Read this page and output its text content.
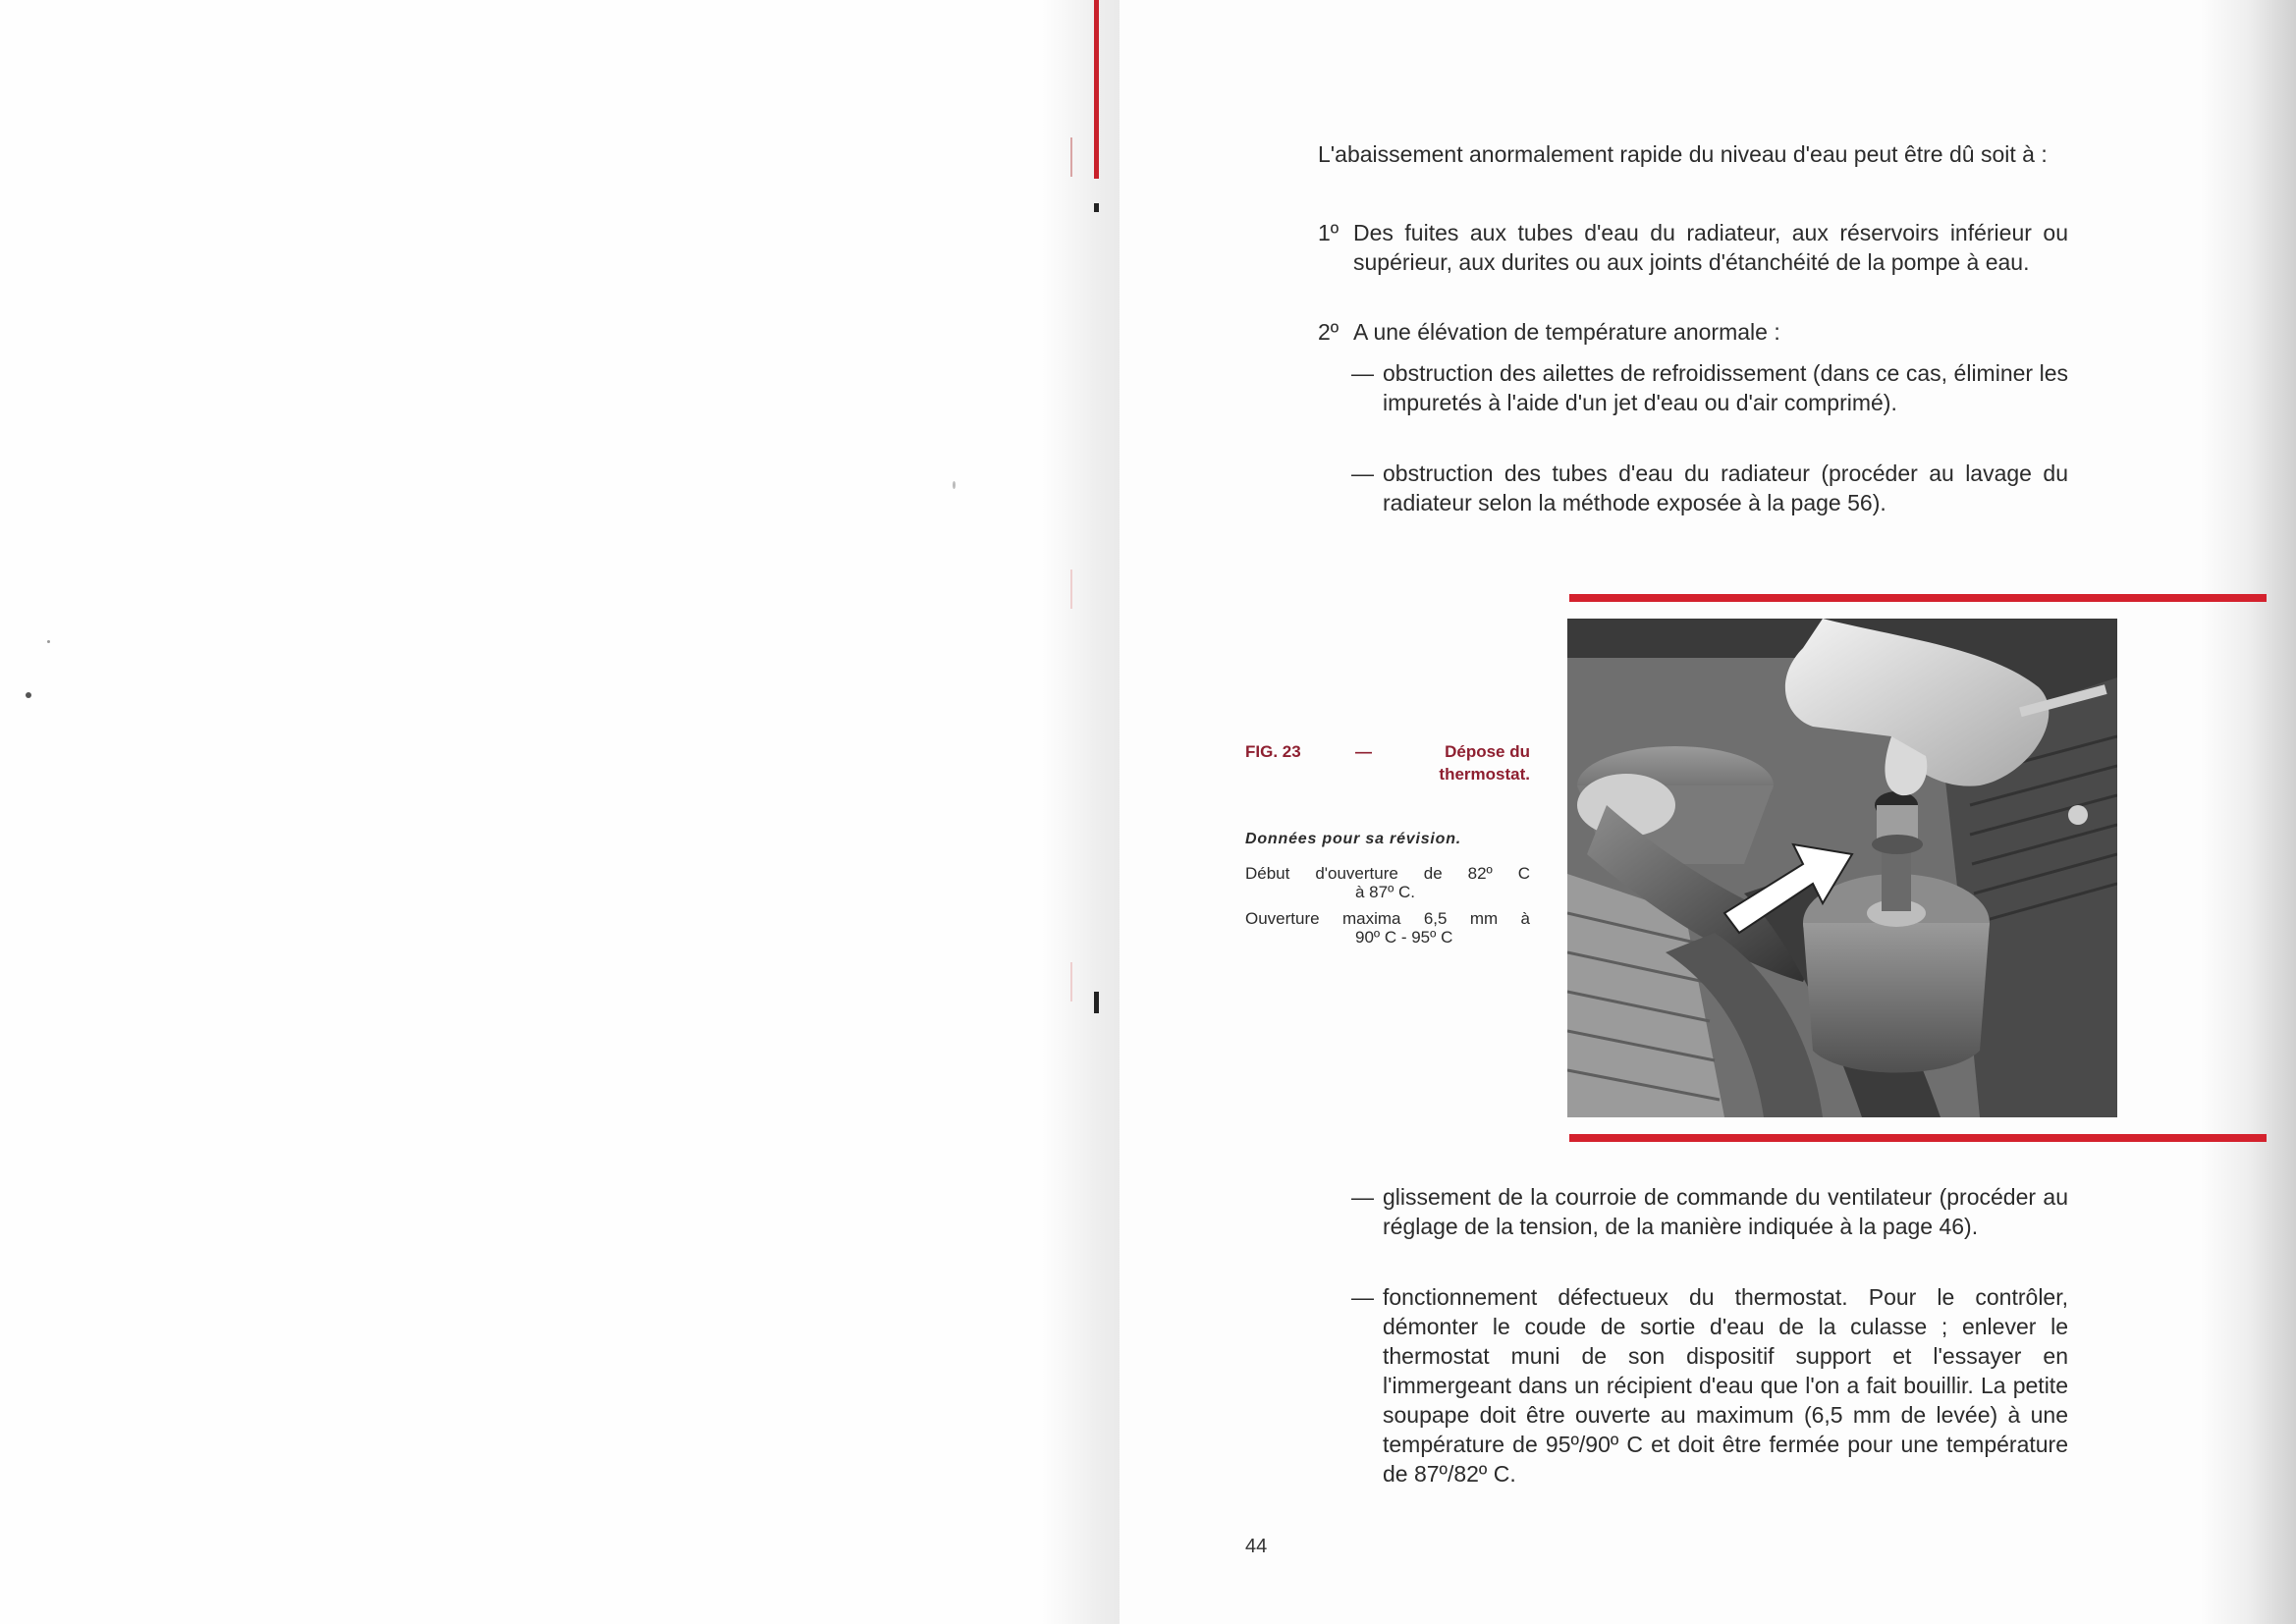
L'abaissement anormalement rapide du niveau d'eau peut être dû soit à :
1º Des fuites aux tubes d'eau du radiateur, aux réservoirs inférieur ou supérieur, aux durites ou aux joints d'étanchéité de la pompe à eau.
2º A une élévation de température anormale :
— obstruction des ailettes de refroidissement (dans ce cas, éliminer les impuretés à l'aide d'un jet d'eau ou d'air comprimé).
— obstruction des tubes d'eau du radiateur (procéder au lavage du radiateur selon la méthode exposée à la page 56).
FIG. 23	—	Dépose du thermostat.
Données pour sa révision.
Début d'ouverture de 82º C
à 87º C.
Ouverture maxima 6,5 mm à
90º C - 95º C
— glissement de la courroie de commande du ventilateur (procéder au réglage de la tension, de la manière indiquée à la page 46).
— fonctionnement défectueux du thermostat. Pour le contrôler, démonter le coude de sortie d'eau de la culasse ; enlever le thermostat muni de son dispositif support et l'essayer en l'immergeant dans un récipient d'eau que l'on a fait bouillir. La petite soupape doit être ouverte au maximum (6,5 mm de levée) à une température de 95º/90º C et doit être fermée pour une température de 87º/82º C.
44
